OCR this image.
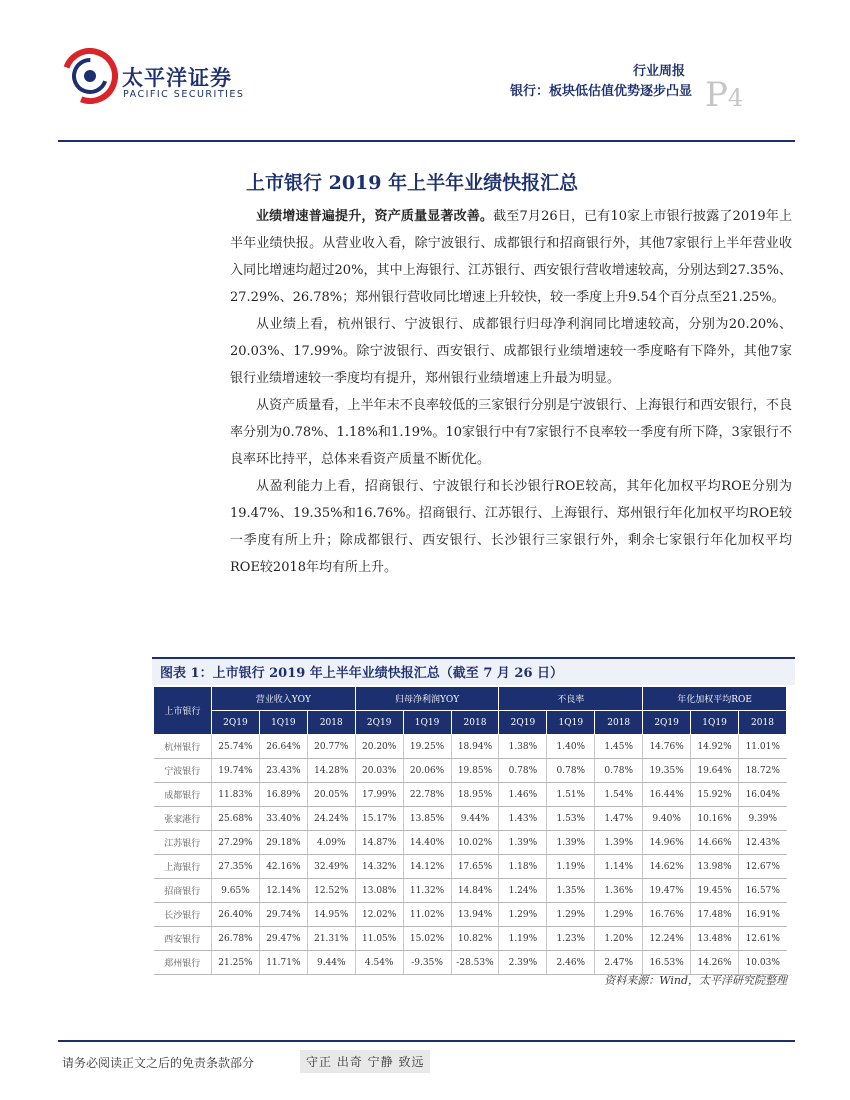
太平洋证券
PACIFIC SECURITIES
行业周报
银行：板块低估值优势逐步凸显 P4
上市银行 2019 年上半年业绩快报汇总

业绩增速普遍提升，资产质量显著改善。截至7月26日，已有10家上市银行披露了2019年上半年业绩快报。从营业收入看，除宁波银行、成都银行和招商银行外，其他7家银行上半年营业收入同比增速均超过20%，其中上海银行、江苏银行、西安银行营收增速较高，分别达到27.35%、27.29%、26.78%；郑州银行营收同比增速上升较快，较一季度上升9.54个百分点至21.25%。

从业绩上看，杭州银行、宁波银行、成都银行归母净利润同比增速较高，分别为20.20%、20.03%、17.99%。除宁波银行、西安银行、成都银行业绩增速较一季度略有下降外，其他7家银行业绩增速较一季度均有提升，郑州银行业绩增速上升最为明显。

从资产质量看，上半年末不良率较低的三家银行分别是宁波银行、上海银行和西安银行，不良率分别为0.78%、1.18%和1.19%。10家银行中有7家银行不良率较一季度有所下降，3家银行不良率环比持平，总体来看资产质量不断优化。

从盈利能力上看，招商银行、宁波银行和长沙银行ROE较高，其年化加权平均ROE分别为19.47%、19.35%和16.76%。招商银行、江苏银行、上海银行、郑州银行年化加权平均ROE较一季度有所上升；除成都银行、西安银行、长沙银行三家银行外，剩余七家银行年化加权平均ROE较2018年均有所上升。

图表 1：上市银行 2019 年上半年业绩快报汇总（截至 7 月 26 日）
上市银行	营业收入YOY			归母净利润YOY			不良率			年化加权平均ROE		
	2Q19	1Q19	2018	2Q19	1Q19	2018	2Q19	1Q19	2018	2Q19	1Q19	2018
杭州银行	25.74%	26.64%	20.77%	20.20%	19.25%	18.94%	1.38%	1.40%	1.45%	14.76%	14.92%	11.01%
宁波银行	19.74%	23.43%	14.28%	20.03%	20.06%	19.85%	0.78%	0.78%	0.78%	19.35%	19.64%	18.72%
成都银行	11.83%	16.89%	20.05%	17.99%	22.78%	18.95%	1.46%	1.51%	1.54%	16.44%	15.92%	16.04%
张家港行	25.68%	33.40%	24.24%	15.17%	13.85%	9.44%	1.43%	1.53%	1.47%	9.40%	10.16%	9.39%
江苏银行	27.29%	29.18%	4.09%	14.87%	14.40%	10.02%	1.39%	1.39%	1.39%	14.96%	14.66%	12.43%
上海银行	27.35%	42.16%	32.49%	14.32%	14.12%	17.65%	1.18%	1.19%	1.14%	14.62%	13.98%	12.67%
招商银行	9.65%	12.14%	12.52%	13.08%	11.32%	14.84%	1.24%	1.35%	1.36%	19.47%	19.45%	16.57%
长沙银行	26.40%	29.74%	14.95%	12.02%	11.02%	13.94%	1.29%	1.29%	1.29%	16.76%	17.48%	16.91%
西安银行	26.78%	29.47%	21.31%	11.05%	15.02%	10.82%	1.19%	1.23%	1.20%	12.24%	13.48%	12.61%
郑州银行	21.25%	11.71%	9.44%	4.54%	-9.35%	-28.53%	2.39%	2.46%	2.47%	16.53%	14.26%	10.03%
资料来源：Wind，太平洋研究院整理
请务必阅读正文之后的免责条款部分	守正 出奇 宁静 致远
